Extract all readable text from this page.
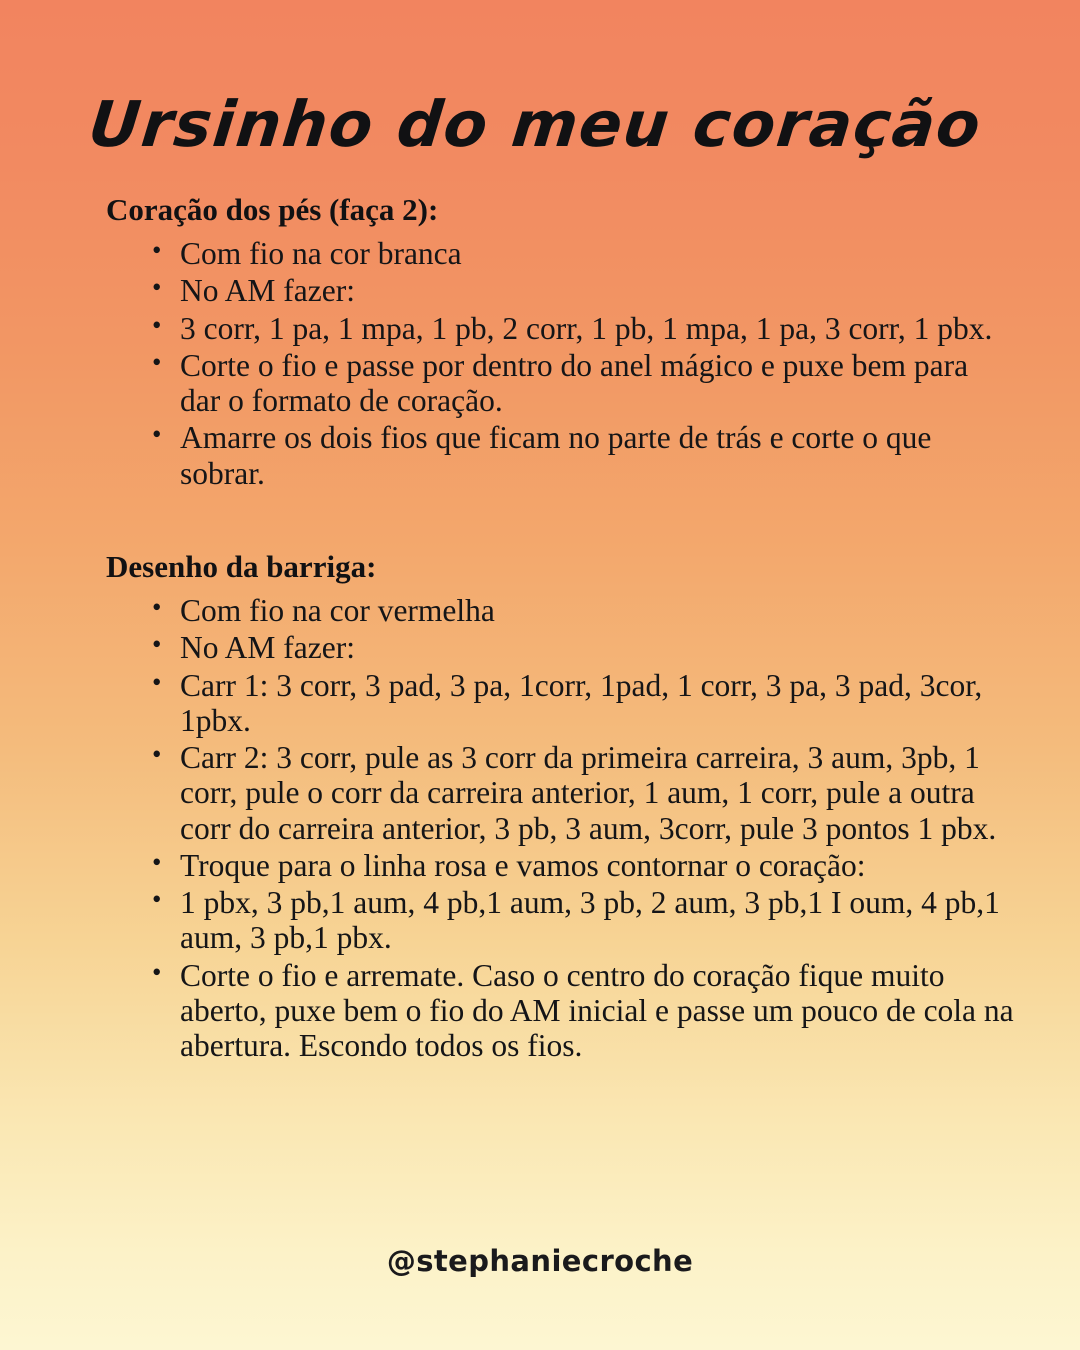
Ursinho do meu coração
Coração dos pés (faça 2):
• Com fio na cor branca
• No AM fazer:
• 3 corr, 1 pa, 1 mpa, 1 pb, 2 corr, 1 pb, 1 mpa, 1 pa, 3 corr, 1 pbx.
• Corte o fio e passe por dentro do anel mágico e puxe bem para dar o formato de coração.
• Amarre os dois fios que ficam no parte de trás e corte o que sobrar.
Desenho da barriga:
• Com fio na cor vermelha
• No AM fazer:
• Carr 1: 3 corr, 3 pad, 3 pa, 1corr, 1pad, 1 corr, 3 pa, 3 pad, 3cor, 1pbx.
• Carr 2: 3 corr, pule as 3 corr da primeira carreira, 3 aum, 3pb, 1 corr, pule o corr da carreira anterior, 1 aum, 1 corr, pule a outra corr do carreira anterior, 3 pb, 3 aum, 3corr, pule 3 pontos 1 pbx.
• Troque para o linha rosa e vamos contornar o coração:
• 1 pbx, 3 pb,1 aum, 4 pb,1 aum, 3 pb, 2 aum, 3 pb,1 I oum, 4 pb,1 aum, 3 pb,1 pbx.
• Corte o fio e arremate. Caso o centro do coração fique muito aberto, puxe bem o fio do AM inicial e passe um pouco de cola na abertura. Escondo todos os fios.
@stephaniecroche
